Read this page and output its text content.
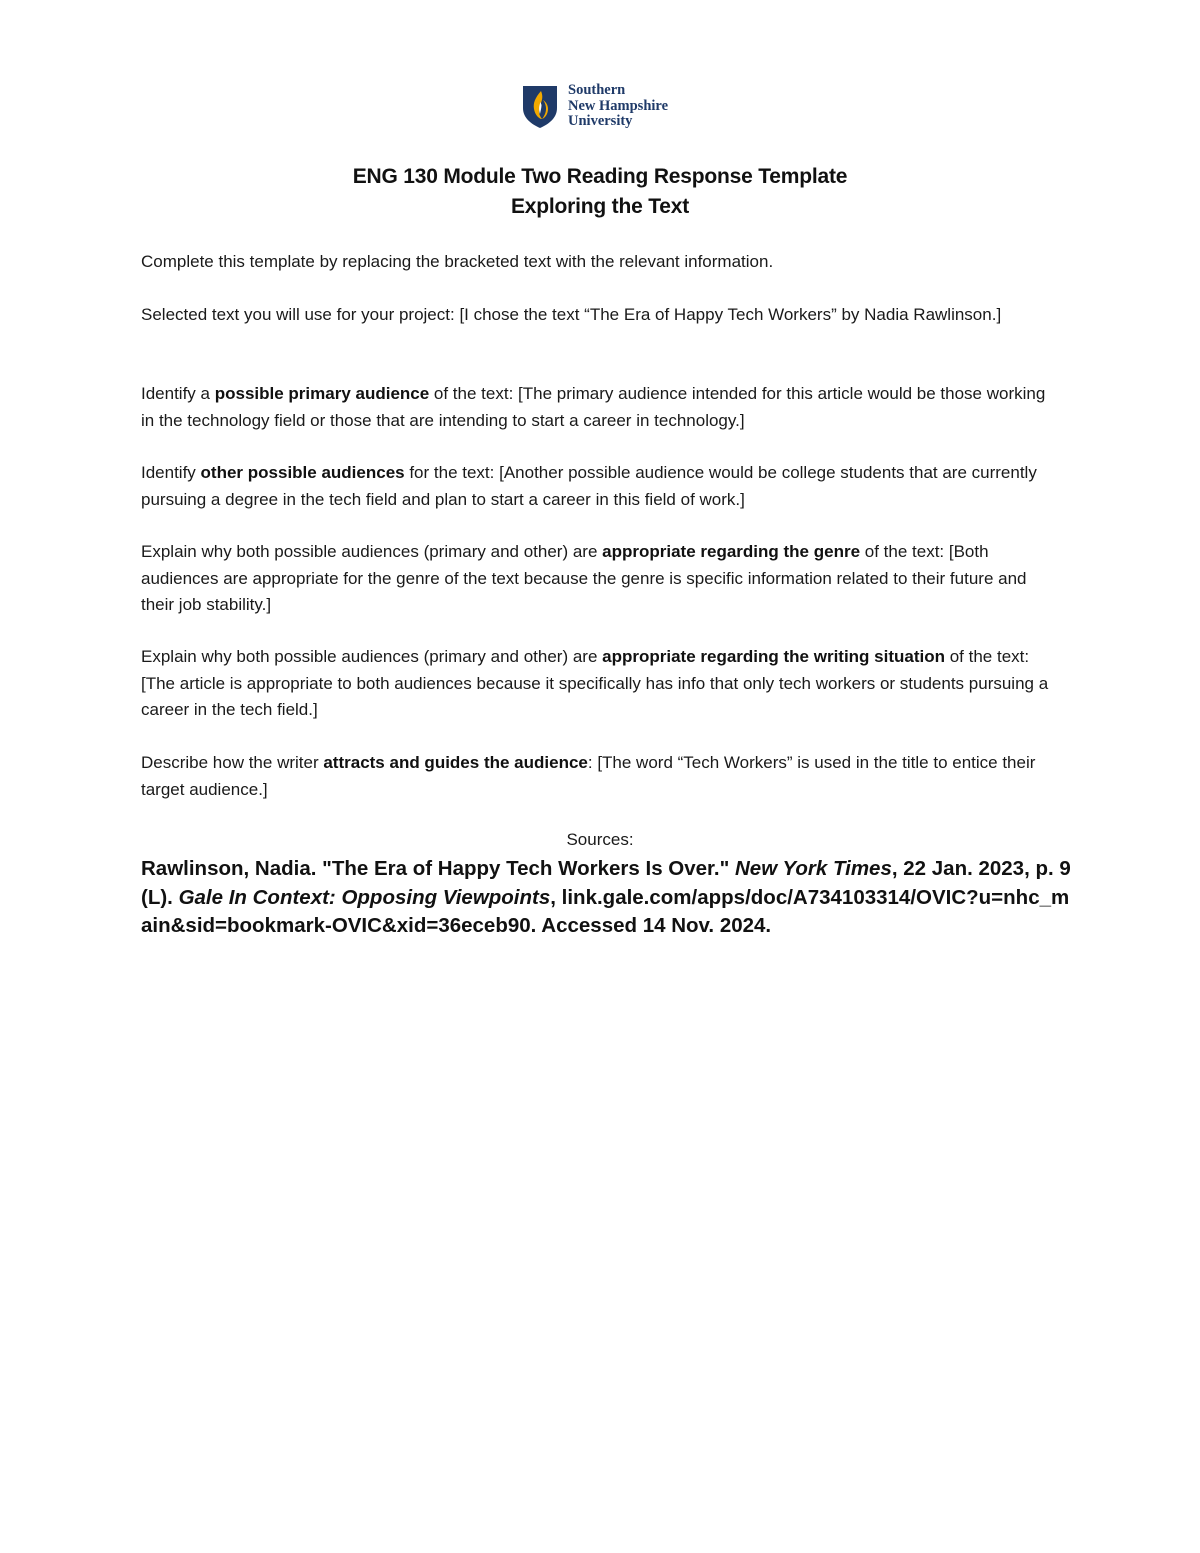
Southern
New Hampshire
University
ENG 130 Module Two Reading Response Template
Exploring the Text
Complete this template by replacing the bracketed text with the relevant information.
Selected text you will use for your project: [I chose the text “The Era of Happy Tech Workers” by Nadia Rawlinson.]
Identify a possible primary audience of the text: [The primary audience intended for this article would be those working in the technology field or those that are intending to start a career in technology.]
Identify other possible audiences for the text: [Another possible audience would be college students that are currently pursuing a degree in the tech field and plan to start a career in this field of work.]
Explain why both possible audiences (primary and other) are appropriate regarding the genre of the text: [Both audiences are appropriate for the genre of the text because the genre is specific information related to their future and their job stability.]
Explain why both possible audiences (primary and other) are appropriate regarding the writing situation of the text: [The article is appropriate to both audiences because it specifically has info that only tech workers or students pursuing a career in the tech field.]
Describe how the writer attracts and guides the audience: [The word “Tech Workers” is used in the title to entice their target audience.]
Sources:
Rawlinson, Nadia. "The Era of Happy Tech Workers Is Over." New York Times, 22 Jan. 2023, p. 9(L). Gale In Context: Opposing Viewpoints, link.gale.com/apps/doc/A734103314/OVIC?u=nhc_main&sid=bookmark-OVIC&xid=36eceb90. Accessed 14 Nov. 2024.
